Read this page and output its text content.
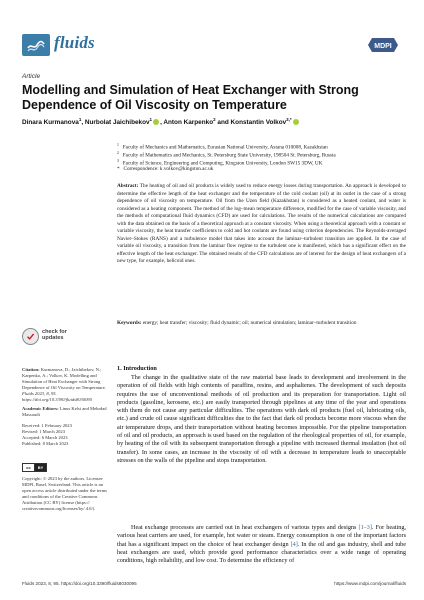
fluids	MDPI
Article
Modelling and Simulation of Heat Exchanger with Strong Dependence of Oil Viscosity on Temperature
Dinara Kurmanova$^1$, Nurbolat Jaichibekov$^1$ , Anton Karpenko$^2$ and Konstantin Volkov$^{3,*}$
$^1$ Faculty of Mechanics and Mathematics, Eurasian National University, Astana 010008, Kazakhstan
$^2$ Faculty of Mathematics and Mechanics, St. Petersburg State University, 198504 St. Petersburg, Russia
$^3$ Faculty of Science, Engineering and Computing, Kingston University, London SW15 3DW, UK
* Correspondence: k.volkov@kingston.ac.uk
Abstract: The heating of oil and oil products is widely used to reduce energy losses during transportation. An approach is developed to determine the effective length of the heat exchanger and the temperature of the cold coolant (oil) at its outlet in the case of a strong dependence of oil viscosity on temperature. Oil from the Uzen field (Kazakhstan) is considered as a heated coolant, and water is considered as a heating component. The method of the log–mean temperature difference, modified for the case of variable viscosity, and the methods of computational fluid dynamics (CFD) are used for calculations. The results of the numerical calculations are compared with the data obtained on the basis of a theoretical approach at a constant viscosity. When using a theoretical approach with a constant or variable viscosity, the heat transfer coefficients to cold and hot coolants are found using criterion dependencies. The Reynolds-averaged Navier–Stokes (RANS) and a turbulence model that takes into account the laminar–turbulent transition are applied. In the case of variable oil viscosity, a transition from the laminar flow regime to the turbulent one is manifested, which has a significant effect on the effective length of the heat exchanger. The obtained results of the CFD calculations are of interest for the design of heat exchangers of a new type, for example, helicoid ones.
Keywords: energy; heat transfer; viscosity; fluid dynamic; oil; numerical simulation; laminar–turbulent transition
check for
updates
Citation: Kurmanova, D.; Jaichibekov, N.; Karpenko, A.; Volkov, K. Modelling and Simulation of Heat Exchanger with Strong Dependence of Oil Viscosity on Temperature. Fluids 2023, 8, 95. https://doi.org/10.3390/fluids8030095
Academic Editors: Linus Kelsi and Mehrdad Massoudi
Received: 1 February 2023
Revised: 1 March 2023
Accepted: 6 March 2023
Published: 8 March 2023
cc	BY
Copyright: © 2023 by the authors. Licensee MDPI, Basel, Switzerland. This article is an open access article distributed under the terms and conditions of the Creative Commons Attribution (CC BY) license (https:// creativecommons.org/licenses/by/ 4.0/).
1. Introduction
The change in the qualitative state of the raw material base leads to development and involvement in the operation of oil fields with high contents of paraffins, resins, and asphaltenes. The development of such deposits requires the use of unconventional methods of oil production and its preparation for transportation. Light oil products (gasoline, kerosene, etc.) are easily transported through pipelines at any time of the year and operations with them do not cause any particular difficulties. The operations with dark oil products (fuel oil, lubricating oils, etc.) and crude oil cause significant difficulties due to the fact that dark oil products become more viscous when the air temperature drops, and their transportation without heating becomes impossible. For the pipeline transportation of oil and oil products, an approach is used based on the regulation of the rheological properties of oil, for example, by heating of the oil with its subsequent transportation through a pipeline with increased thermal insulation (hot oil transfer). In some cases, an increase in the viscosity of oil with a decrease in temperature leads to unacceptable stresses on the walls of the pipeline and stops transportation.
Heat exchange processes are carried out in heat exchangers of various types and designs [1–3]. For heating, various heat carriers are used, for example, hot water or steam. Energy consumption is one of the important factors that has a significant impact on the choice of heat exchanger design [4]. In the oil and gas industry, shell and tube heat exchangers are used, which provide good performance characteristics over a wide range of operating conditions, high reliability, and low cost. To determine the efficiency of
Fluids 2023, 8, 95. https://doi.org/10.3390/fluids8030095	https://www.mdpi.com/journal/fluids
